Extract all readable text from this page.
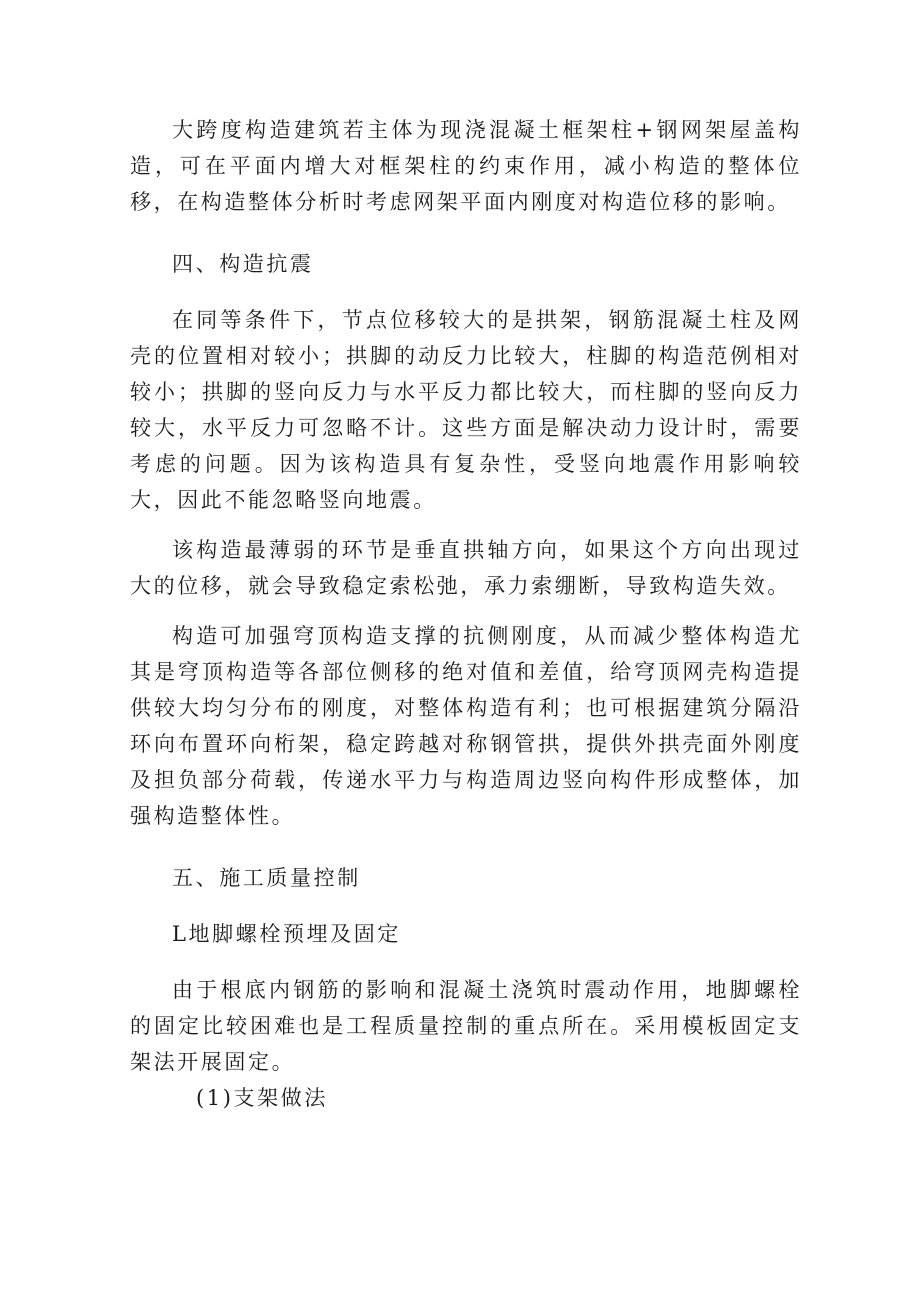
大跨度构造建筑若主体为现浇混凝土框架柱+钢网架屋盖构造，可在平面内增大对框架柱的约束作用，减小构造的整体位移，在构造整体分析时考虑网架平面内刚度对构造位移的影响。

四、构造抗震

在同等条件下，节点位移较大的是拱架，钢筋混凝土柱及网壳的位置相对较小；拱脚的动反力比较大，柱脚的构造范例相对较小；拱脚的竖向反力与水平反力都比较大，而柱脚的竖向反力较大，水平反力可忽略不计。这些方面是解决动力设计时，需要考虑的问题。因为该构造具有复杂性，受竖向地震作用影响较大，因此不能忽略竖向地震。

该构造最薄弱的环节是垂直拱轴方向，如果这个方向出现过大的位移，就会导致稳定索松弛，承力索绷断，导致构造失效。

构造可加强穹顶构造支撑的抗侧刚度，从而减少整体构造尤其是穹顶构造等各部位侧移的绝对值和差值，给穹顶网壳构造提供较大均匀分布的刚度，对整体构造有利；也可根据建筑分隔沿环向布置环向桁架，稳定跨越对称钢管拱，提供外拱壳面外刚度及担负部分荷载，传递水平力与构造周边竖向构件形成整体，加强构造整体性。

五、施工质量控制

L地脚螺栓预埋及固定

由于根底内钢筋的影响和混凝土浇筑时震动作用，地脚螺栓的固定比较困难也是工程质量控制的重点所在。采用模板固定支架法开展固定。

(1)支架做法
